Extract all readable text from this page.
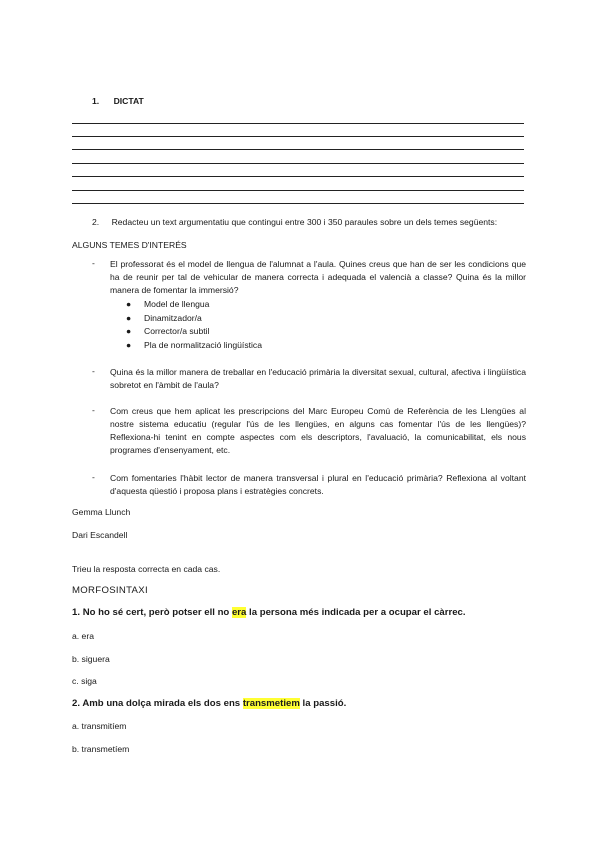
1. DICTAT
2. Redacteu un text argumentatiu que contingui entre 300 i 350 paraules sobre un dels temes següents:
ALGUNS TEMES D'INTERÉS
- El professorat és el model de llengua de l'alumnat a l'aula. Quines creus que han de ser les condicions que ha de reunir per tal de vehicular de manera correcta i adequada el valencià a classe? Quina és la millor manera de fomentar la immersió?
● Model de llengua
● Dinamitzador/a
● Corrector/a subtil
● Pla de normalització lingüística
- Quina és la millor manera de treballar en l'educació primària la diversitat sexual, cultural, afectiva i lingüística sobretot en l'àmbit de l'aula?
- Com creus que hem aplicat les prescripcions del Marc Europeu Comú de Referència de les Llengües al nostre sistema educatiu (regular l'ús de les llengües, en alguns cas fomentar l'ús de les llengües)? Reflexiona-hi tenint en compte aspectes com els descriptors, l'avaluació, la comunicabilitat, els nous programes d'ensenyament, etc.
- Com fomentaries l'hàbit lector de manera transversal i plural en l'educació primària? Reflexiona al voltant d'aquesta qüestió i proposa plans i estratègies concrets.
Gemma Llunch
Dari Escandell
Trieu la resposta correcta en cada cas.
MORFOSINTAXI
1. No ho sé cert, però potser ell no era la persona més indicada per a ocupar el càrrec.
a. era
b. siguera
c. siga
2. Amb una dolça mirada els dos ens transmetiem la passió.
a. transmitíem
b. transmetíem
